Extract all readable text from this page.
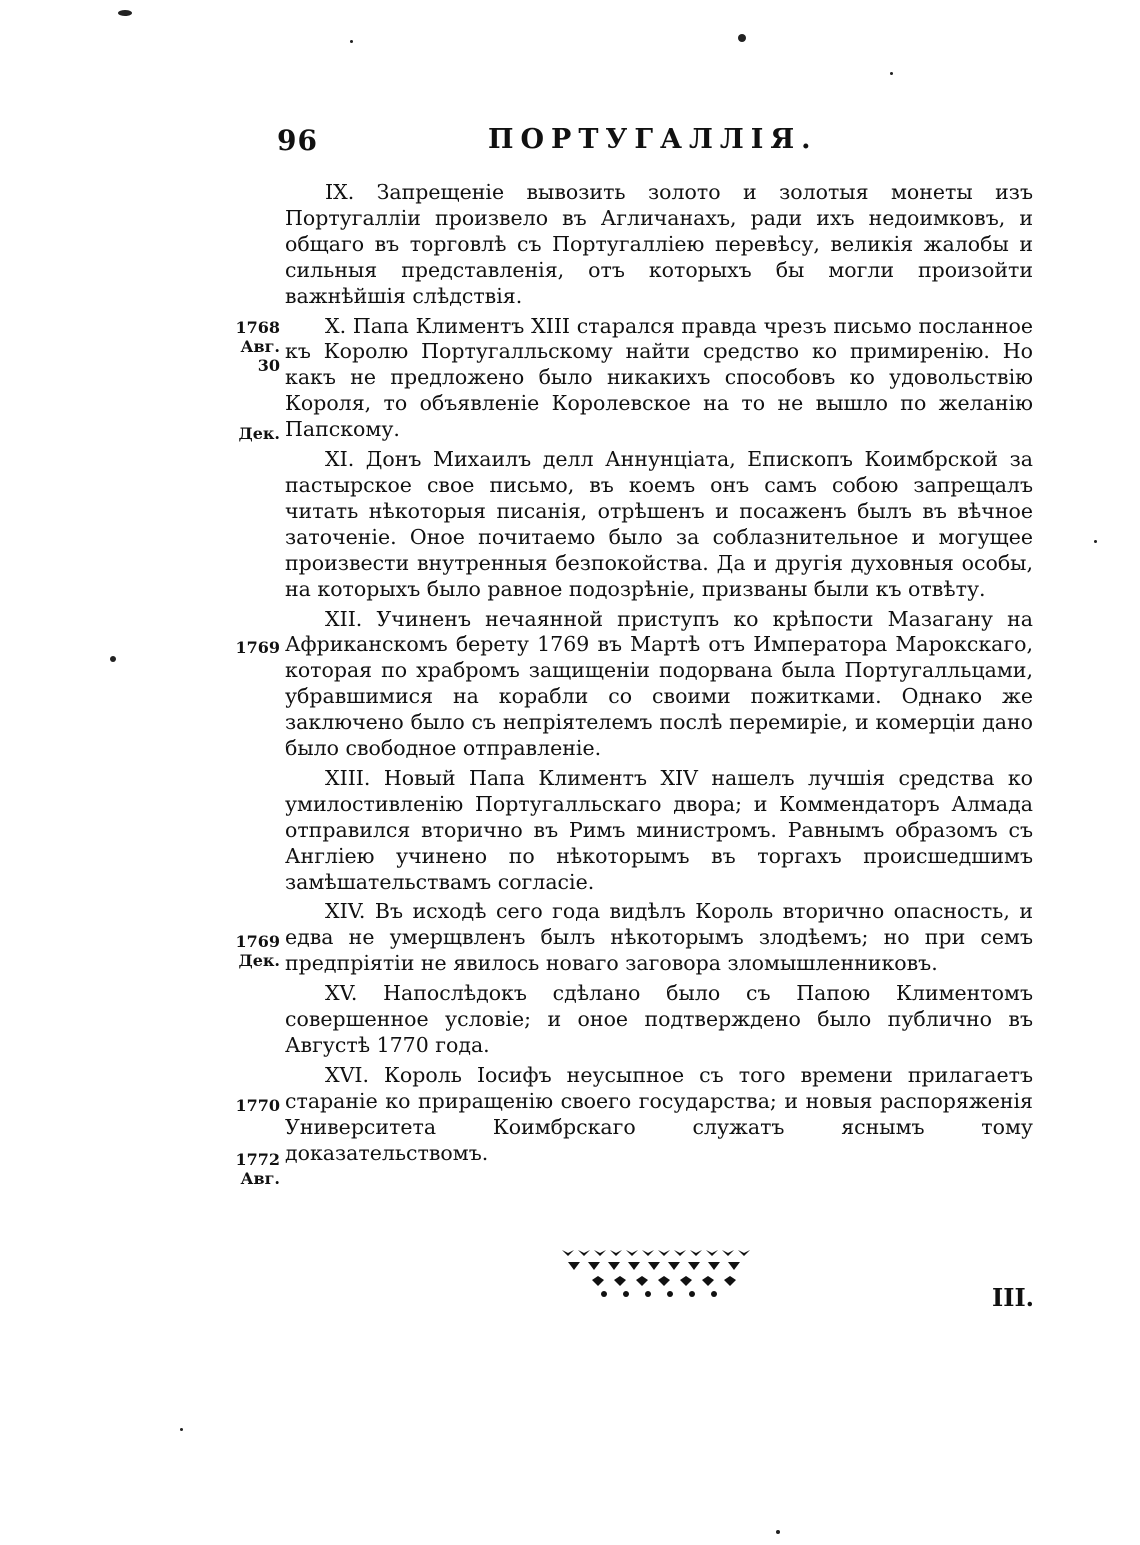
96	ПОРТУГАЛЛІЯ.

IX. Запрещеніе вывозить золото и золотыя монеты изъ Португалліи произвело въ Агличанахъ, ради ихъ недоимковъ, и общаго въ торговлѣ съ Португалліею перевѣсу, великія жалобы и сильныя представленія, отъ которыхъ бы могли произойти важнѣйшія слѣдствія.

X. Папа Климентъ XIII старался правда чрезъ письмо посланное къ Королю Португалльскому найти средство ко примиренію. Но какъ не предложено было никакихъ способовъ ко удовольствію Короля, то объявленіе Королевское на то не вышло по желанію Папскому.

XI. Донъ Михаилъ делл Аннунціата, Епископъ Коимбрской за пастырское свое письмо, въ коемъ онъ самъ собою запрещалъ читать нѣкоторыя писанія, отрѣшенъ и посаженъ былъ въ вѣчное заточеніе. Оное почитаемо было за соблазнительное и могущее произвести внутренныя безпокойства. Да и другія духовныя особы, на которыхъ было равное подозрѣніе, призваны были къ отвѣту.

XII. Учиненъ нечаянной приступъ ко крѣпости Мазагану на Африканскомъ берету 1769 въ Мартѣ отъ Императора Марокскаго, которая по храбромъ защищеніи подорвана была Португалльцами, убравшимися на корабли со своими пожитками. Однако же заключено было съ непріятелемъ послѣ перемиріе, и комерціи дано было свободное отправленіе.

XIII. Новый Папа Климентъ XIV нашелъ лучшія средства ко умилостивленію Португалльскаго двора; и Коммендаторъ Алмада отправился вторично въ Римъ министромъ. Равнымъ образомъ съ Англіею учинено по нѣкоторымъ въ торгахъ происшедшимъ замѣшательствамъ согласіе.

XIV. Въ исходѣ сего года видѣлъ Король вторично опасность, и едва не умерщвленъ былъ нѣкоторымъ злодѣемъ; но при семъ предпріятіи не явилось новаго заговора зломышленниковъ.

XV. Напослѣдокъ сдѣлано было съ Папою Климентомъ совершенное условіе; и оное подтверждено было публично въ Августѣ 1770 года.

XVI. Король Іосифъ неусыпное съ того времени прилагаетъ стараніе ко приращенію своего государства; и новыя распоряженія Университета Коимбрскаго служатъ яснымъ тому доказательствомъ.

1768
Авг. 30
Дек.
1769
1769
Дек.
1770
1772
Авг.
III.
